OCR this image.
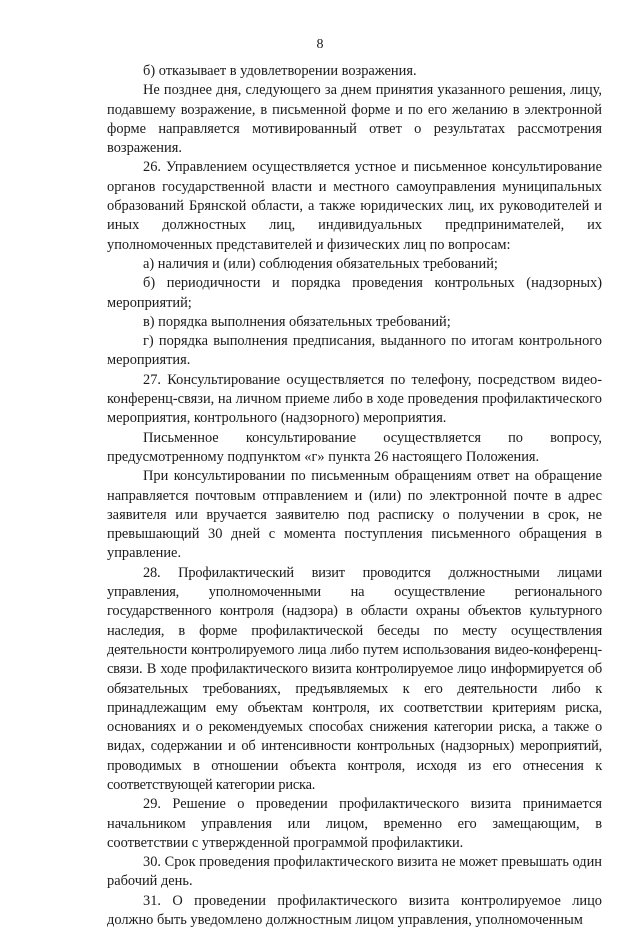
8

б) отказывает в удовлетворении возражения.

Не позднее дня, следующего за днем принятия указанного решения, лицу, подавшему возражение, в письменной форме и по его желанию в электронной форме направляется мотивированный ответ о результатах рассмотрения возражения.

26. Управлением осуществляется устное и письменное консультирование органов государственной власти и местного самоуправления муниципальных образований Брянской области, а также юридических лиц, их руководителей и иных должностных лиц, индивидуальных предпринимателей, их уполномоченных представителей и физических лиц по вопросам:

а) наличия и (или) соблюдения обязательных требований;

б) периодичности и порядка проведения контрольных (надзорных) мероприятий;

в) порядка выполнения обязательных требований;

г) порядка выполнения предписания, выданного по итогам контрольного мероприятия.

27. Консультирование осуществляется по телефону, посредством видео-конференц-связи, на личном приеме либо в ходе проведения профилактического мероприятия, контрольного (надзорного) мероприятия.

Письменное консультирование осуществляется по вопросу, предусмотренному подпунктом «г» пункта 26 настоящего Положения.

При консультировании по письменным обращениям ответ на обращение направляется почтовым отправлением и (или) по электронной почте в адрес заявителя или вручается заявителю под расписку о получении в срок, не превышающий 30 дней с момента поступления письменного обращения в управление.

28. Профилактический визит проводится должностными лицами управления, уполномоченными на осуществление регионального государственного контроля (надзора) в области охраны объектов культурного наследия, в форме профилактической беседы по месту осуществления деятельности контролируемого лица либо путем использования видео-конференц-связи. В ходе профилактического визита контролируемое лицо информируется об обязательных требованиях, предъявляемых к его деятельности либо к принадлежащим ему объектам контроля, их соответствии критериям риска, основаниях и о рекомендуемых способах снижения категории риска, а также о видах, содержании и об интенсивности контрольных (надзорных) мероприятий, проводимых в отношении объекта контроля, исходя из его отнесения к соответствующей категории риска.

29. Решение о проведении профилактического визита принимается начальником управления или лицом, временно его замещающим, в соответствии с утвержденной программой профилактики.

30. Срок проведения профилактического визита не может превышать один рабочий день.

31. О проведении профилактического визита контролируемое лицо должно быть уведомлено должностным лицом управления, уполномоченным
